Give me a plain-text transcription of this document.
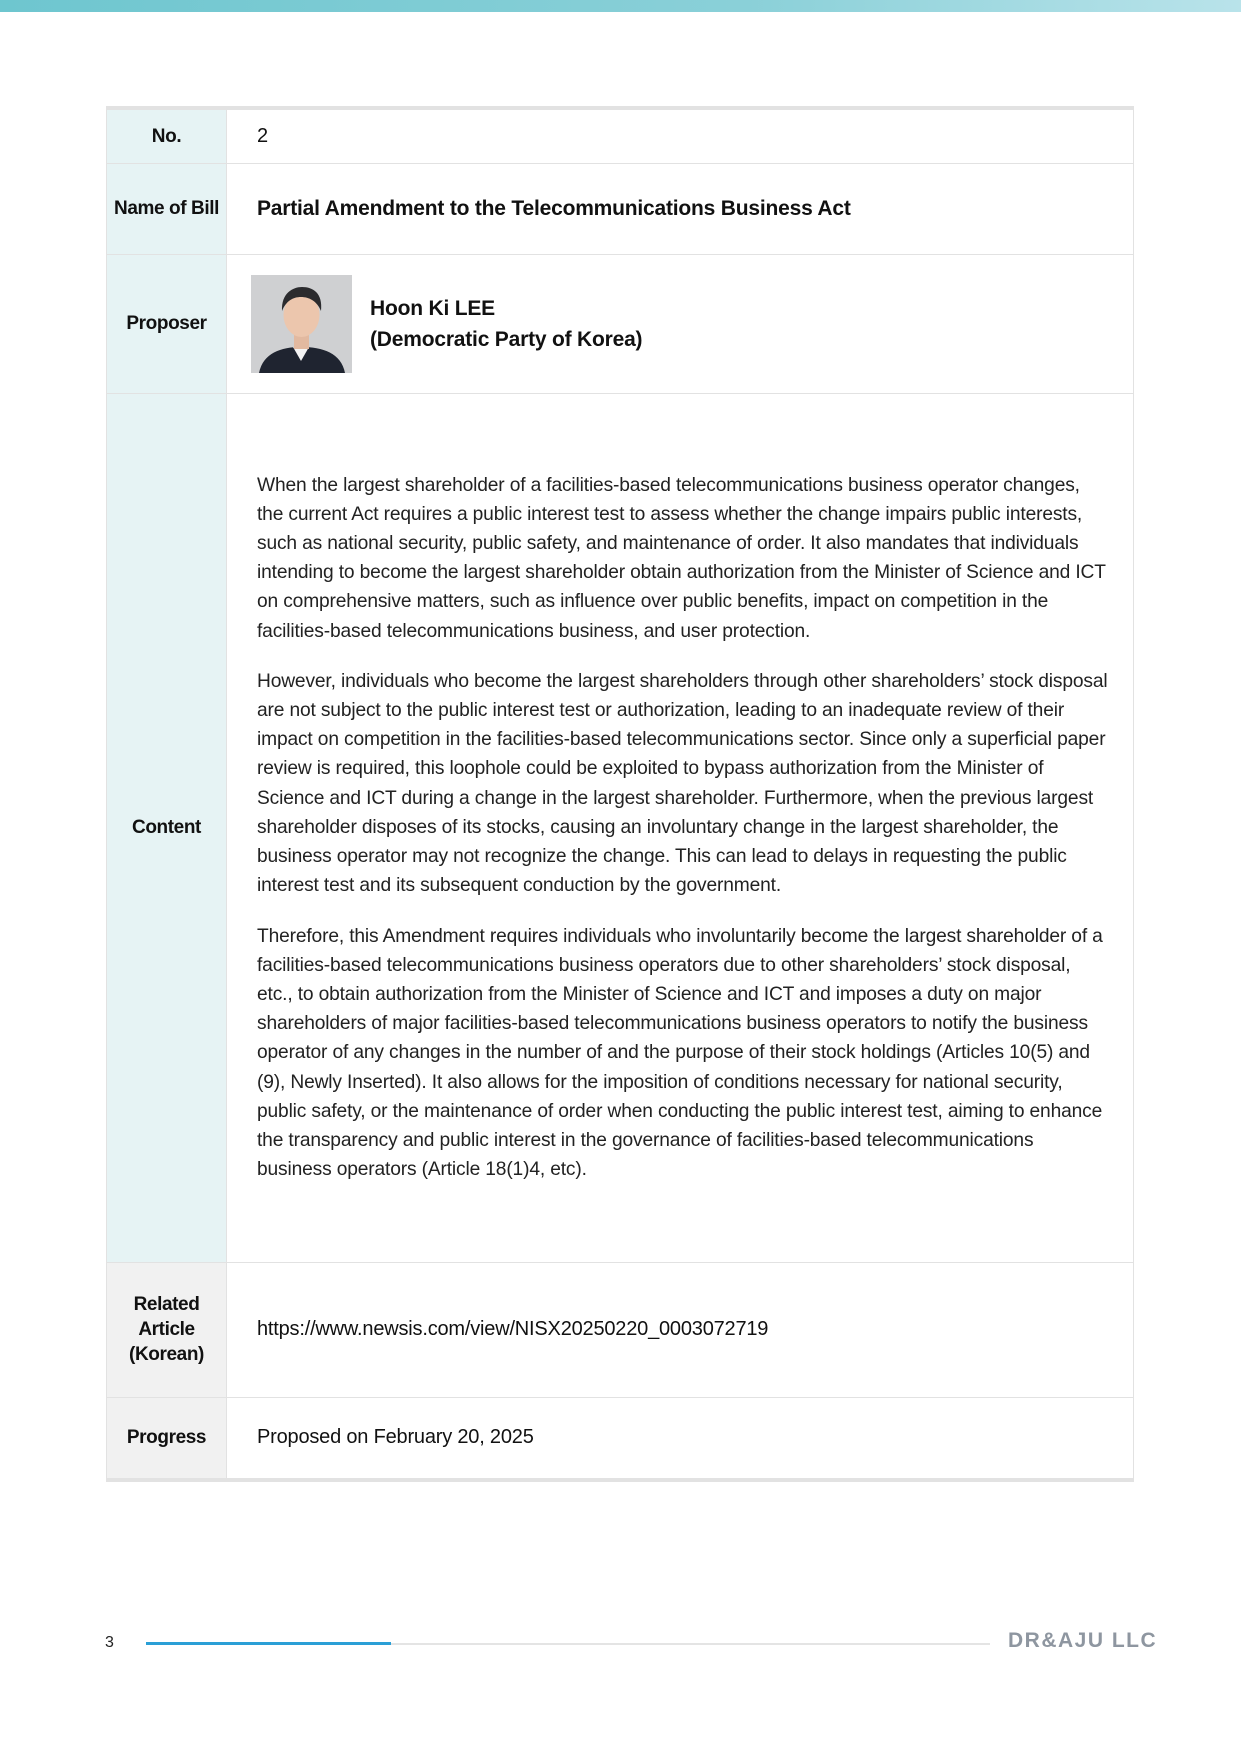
No.	2
Name of Bill	Partial Amendment to the Telecommunications Business Act
Proposer	Hoon Ki LEE
(Democratic Party of Korea)

Content	When the largest shareholder of a facilities-based telecommunications business operator changes, the current Act requires a public interest test to assess whether the change impairs public interests, such as national security, public safety, and maintenance of order. It also mandates that individuals intending to become the largest shareholder obtain authorization from the Minister of Science and ICT on comprehensive matters, such as influence over public benefits, impact on competition in the facilities-based telecommunications business, and user protection.

However, individuals who become the largest shareholders through other shareholders’ stock disposal are not subject to the public interest test or authorization, leading to an inadequate review of their impact on competition in the facilities-based telecommunications sector. Since only a superficial paper review is required, this loophole could be exploited to bypass authorization from the Minister of Science and ICT during a change in the largest shareholder. Furthermore, when the previous largest shareholder disposes of its stocks, causing an involuntary change in the largest shareholder, the business operator may not recognize the change. This can lead to delays in requesting the public interest test and its subsequent conduction by the government.

Therefore, this Amendment requires individuals who involuntarily become the largest shareholder of a facilities-based telecommunications business operators due to other shareholders’ stock disposal, etc., to obtain authorization from the Minister of Science and ICT and imposes a duty on major shareholders of major facilities-based telecommunications business operators to notify the business operator of any changes in the number of and the purpose of their stock holdings (Articles 10(5) and (9), Newly Inserted). It also allows for the imposition of conditions necessary for national security, public safety, or the maintenance of order when conducting the public interest test, aiming to enhance the transparency and public interest in the governance of facilities-based telecommunications business operators (Article 18(1)4, etc).

Related Article (Korean)	https://www.newsis.com/view/NISX20250220_0003072719
Progress	Proposed on February 20, 2025
3	DR&AJU LLC
